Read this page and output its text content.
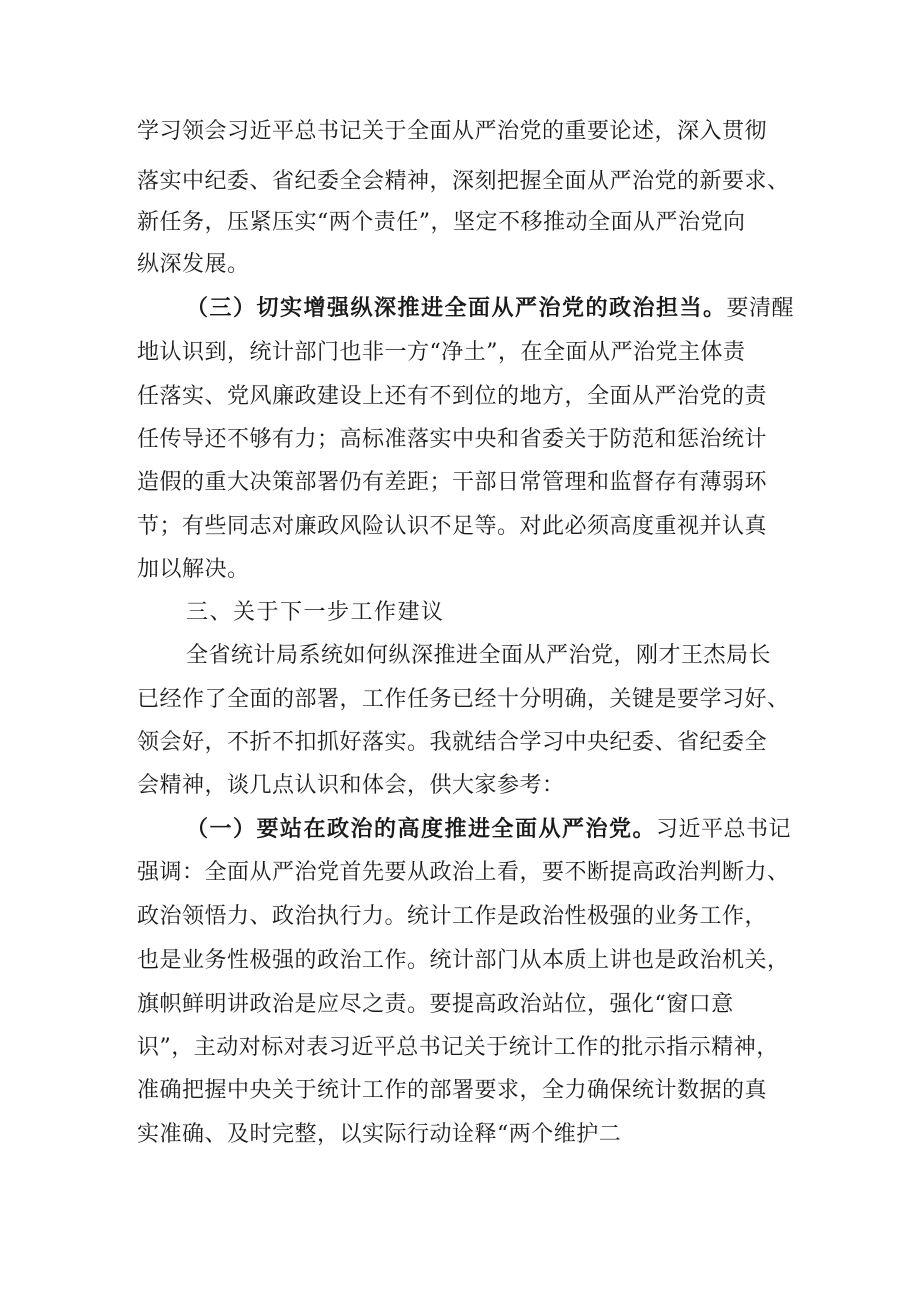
学习领会习近平总书记关于全面从严治党的重要论述，深入贯彻
落实中纪委、省纪委全会精神，深刻把握全面从严治党的新要求、
新任务，压紧压实“两个责任”，坚定不移推动全面从严治党向
纵深发展。
（三）切实增强纵深推进全面从严治党的政治担当。要清醒
地认识到，统计部门也非一方“净土”，在全面从严治党主体责
任落实、党风廉政建设上还有不到位的地方，全面从严治党的责
任传导还不够有力；高标准落实中央和省委关于防范和惩治统计
造假的重大决策部署仍有差距；干部日常管理和监督存有薄弱环
节；有些同志对廉政风险认识不足等。对此必须高度重视并认真
加以解决。
三、关于下一步工作建议
全省统计局系统如何纵深推进全面从严治党，刚才王杰局长
已经作了全面的部署，工作任务已经十分明确，关键是要学习好、
领会好，不折不扣抓好落实。我就结合学习中央纪委、省纪委全
会精神，谈几点认识和体会，供大家参考：
（一）要站在政治的高度推进全面从严治党。习近平总书记
强调：全面从严治党首先要从政治上看，要不断提高政治判断力、
政治领悟力、政治执行力。统计工作是政治性极强的业务工作，
也是业务性极强的政治工作。统计部门从本质上讲也是政治机关，
旗帜鲜明讲政治是应尽之责。要提高政治站位，强化“窗口意
识”，主动对标对表习近平总书记关于统计工作的批示指示精神，
准确把握中央关于统计工作的部署要求，全力确保统计数据的真
实准确、及时完整，以实际行动诠释“两个维护二
